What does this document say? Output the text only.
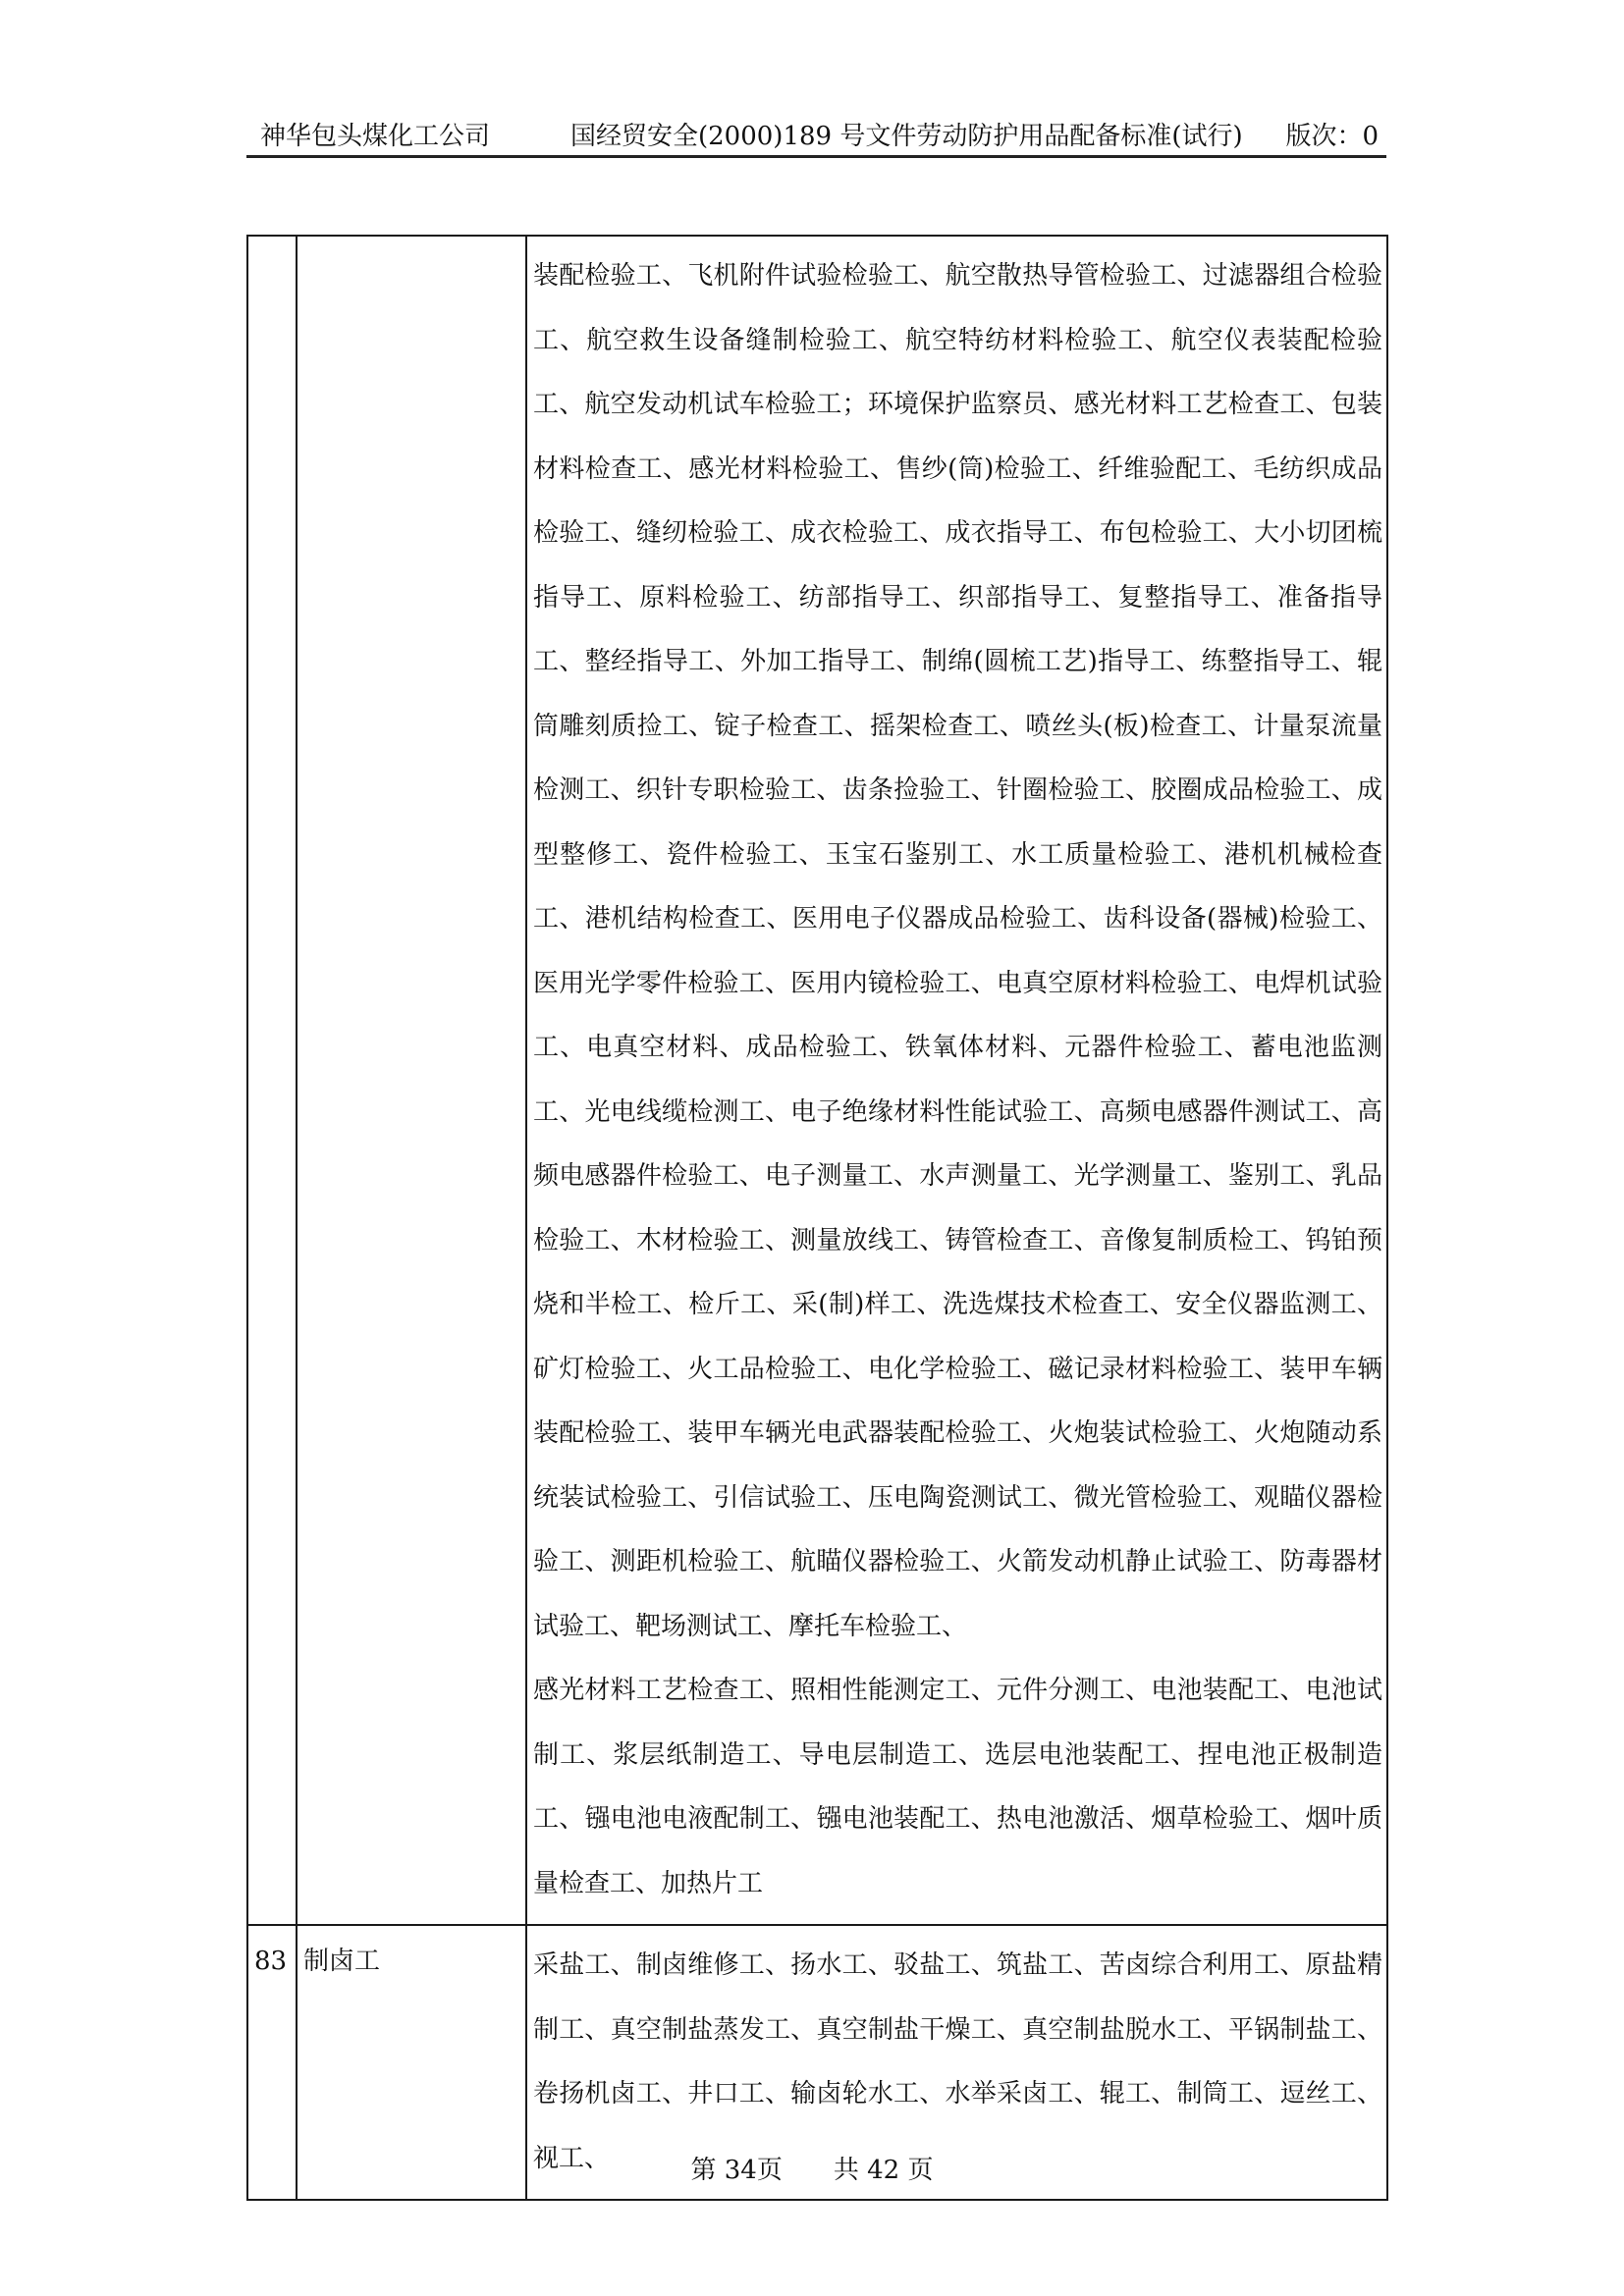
神华包头煤化工公司	国经贸安全(2000)189 号文件劳动防护用品配备标准(试行) 版次：0

		装配检验工、飞机附件试验检验工、航空散热导管检验工、过滤器组合检验工、航空救生设备缝制检验工、航空特纺材料检验工、航空仪表装配检验工、航空发动机试车检验工；环境保护监察员、感光材料工艺检查工、包装材料检查工、感光材料检验工、售纱(筒)检验工、纤维验配工、毛纺织成品检验工、缝纫检验工、成衣检验工、成衣指导工、布包检验工、大小切团梳指导工、原料检验工、纺部指导工、织部指导工、复整指导工、准备指导工、整经指导工、外加工指导工、制绵(圆梳工艺)指导工、练整指导工、辊筒雕刻质捡工、锭子检查工、摇架检查工、喷丝头(板)检查工、计量泵流量检测工、织针专职检验工、齿条捡验工、针圈检验工、胶圈成品检验工、成型整修工、瓷件检验工、玉宝石鉴别工、水工质量检验工、港机机械检查工、港机结构检查工、医用电子仪器成品检验工、齿科设备(器械)检验工、医用光学零件检验工、医用内镜检验工、电真空原材料检验工、电焊机试验工、电真空材料、成品检验工、铁氧体材料、元器件检验工、蓄电池监测工、光电线缆检测工、电子绝缘材料性能试验工、高频电感器件测试工、高频电感器件检验工、电子测量工、水声测量工、光学测量工、鉴别工、乳品检验工、木材检验工、测量放线工、铸管检查工、音像复制质检工、钨铂预烧和半检工、检斤工、采(制)样工、洗选煤技术检查工、安全仪器监测工、矿灯检验工、火工品检验工、电化学检验工、磁记录材料检验工、装甲车辆装配检验工、装甲车辆光电武器装配检验工、火炮装试检验工、火炮随动系统装试检验工、引信试验工、压电陶瓷测试工、微光管检验工、观瞄仪器检验工、测距机检验工、航瞄仪器检验工、火箭发动机静止试验工、防毒器材试验工、靶场测试工、摩托车检验工、
感光材料工艺检查工、照相性能测定工、元件分测工、电池装配工、电池试制工、浆层纸制造工、导电层制造工、选层电池装配工、捏电池正极制造工、镪电池电液配制工、镪电池装配工、热电池激活、烟草检验工、烟叶质量检查工、加热片工

83	制卤工	采盐工、制卤维修工、扬水工、驳盐工、筑盐工、苦卤综合利用工、原盐精制工、真空制盐蒸发工、真空制盐干燥工、真空制盐脱水工、平锅制盐工、卷扬机卤工、井口工、输卤轮水工、水举采卤工、辊工、制筒工、逗丝工、视工、	第 34页 共 42 页
